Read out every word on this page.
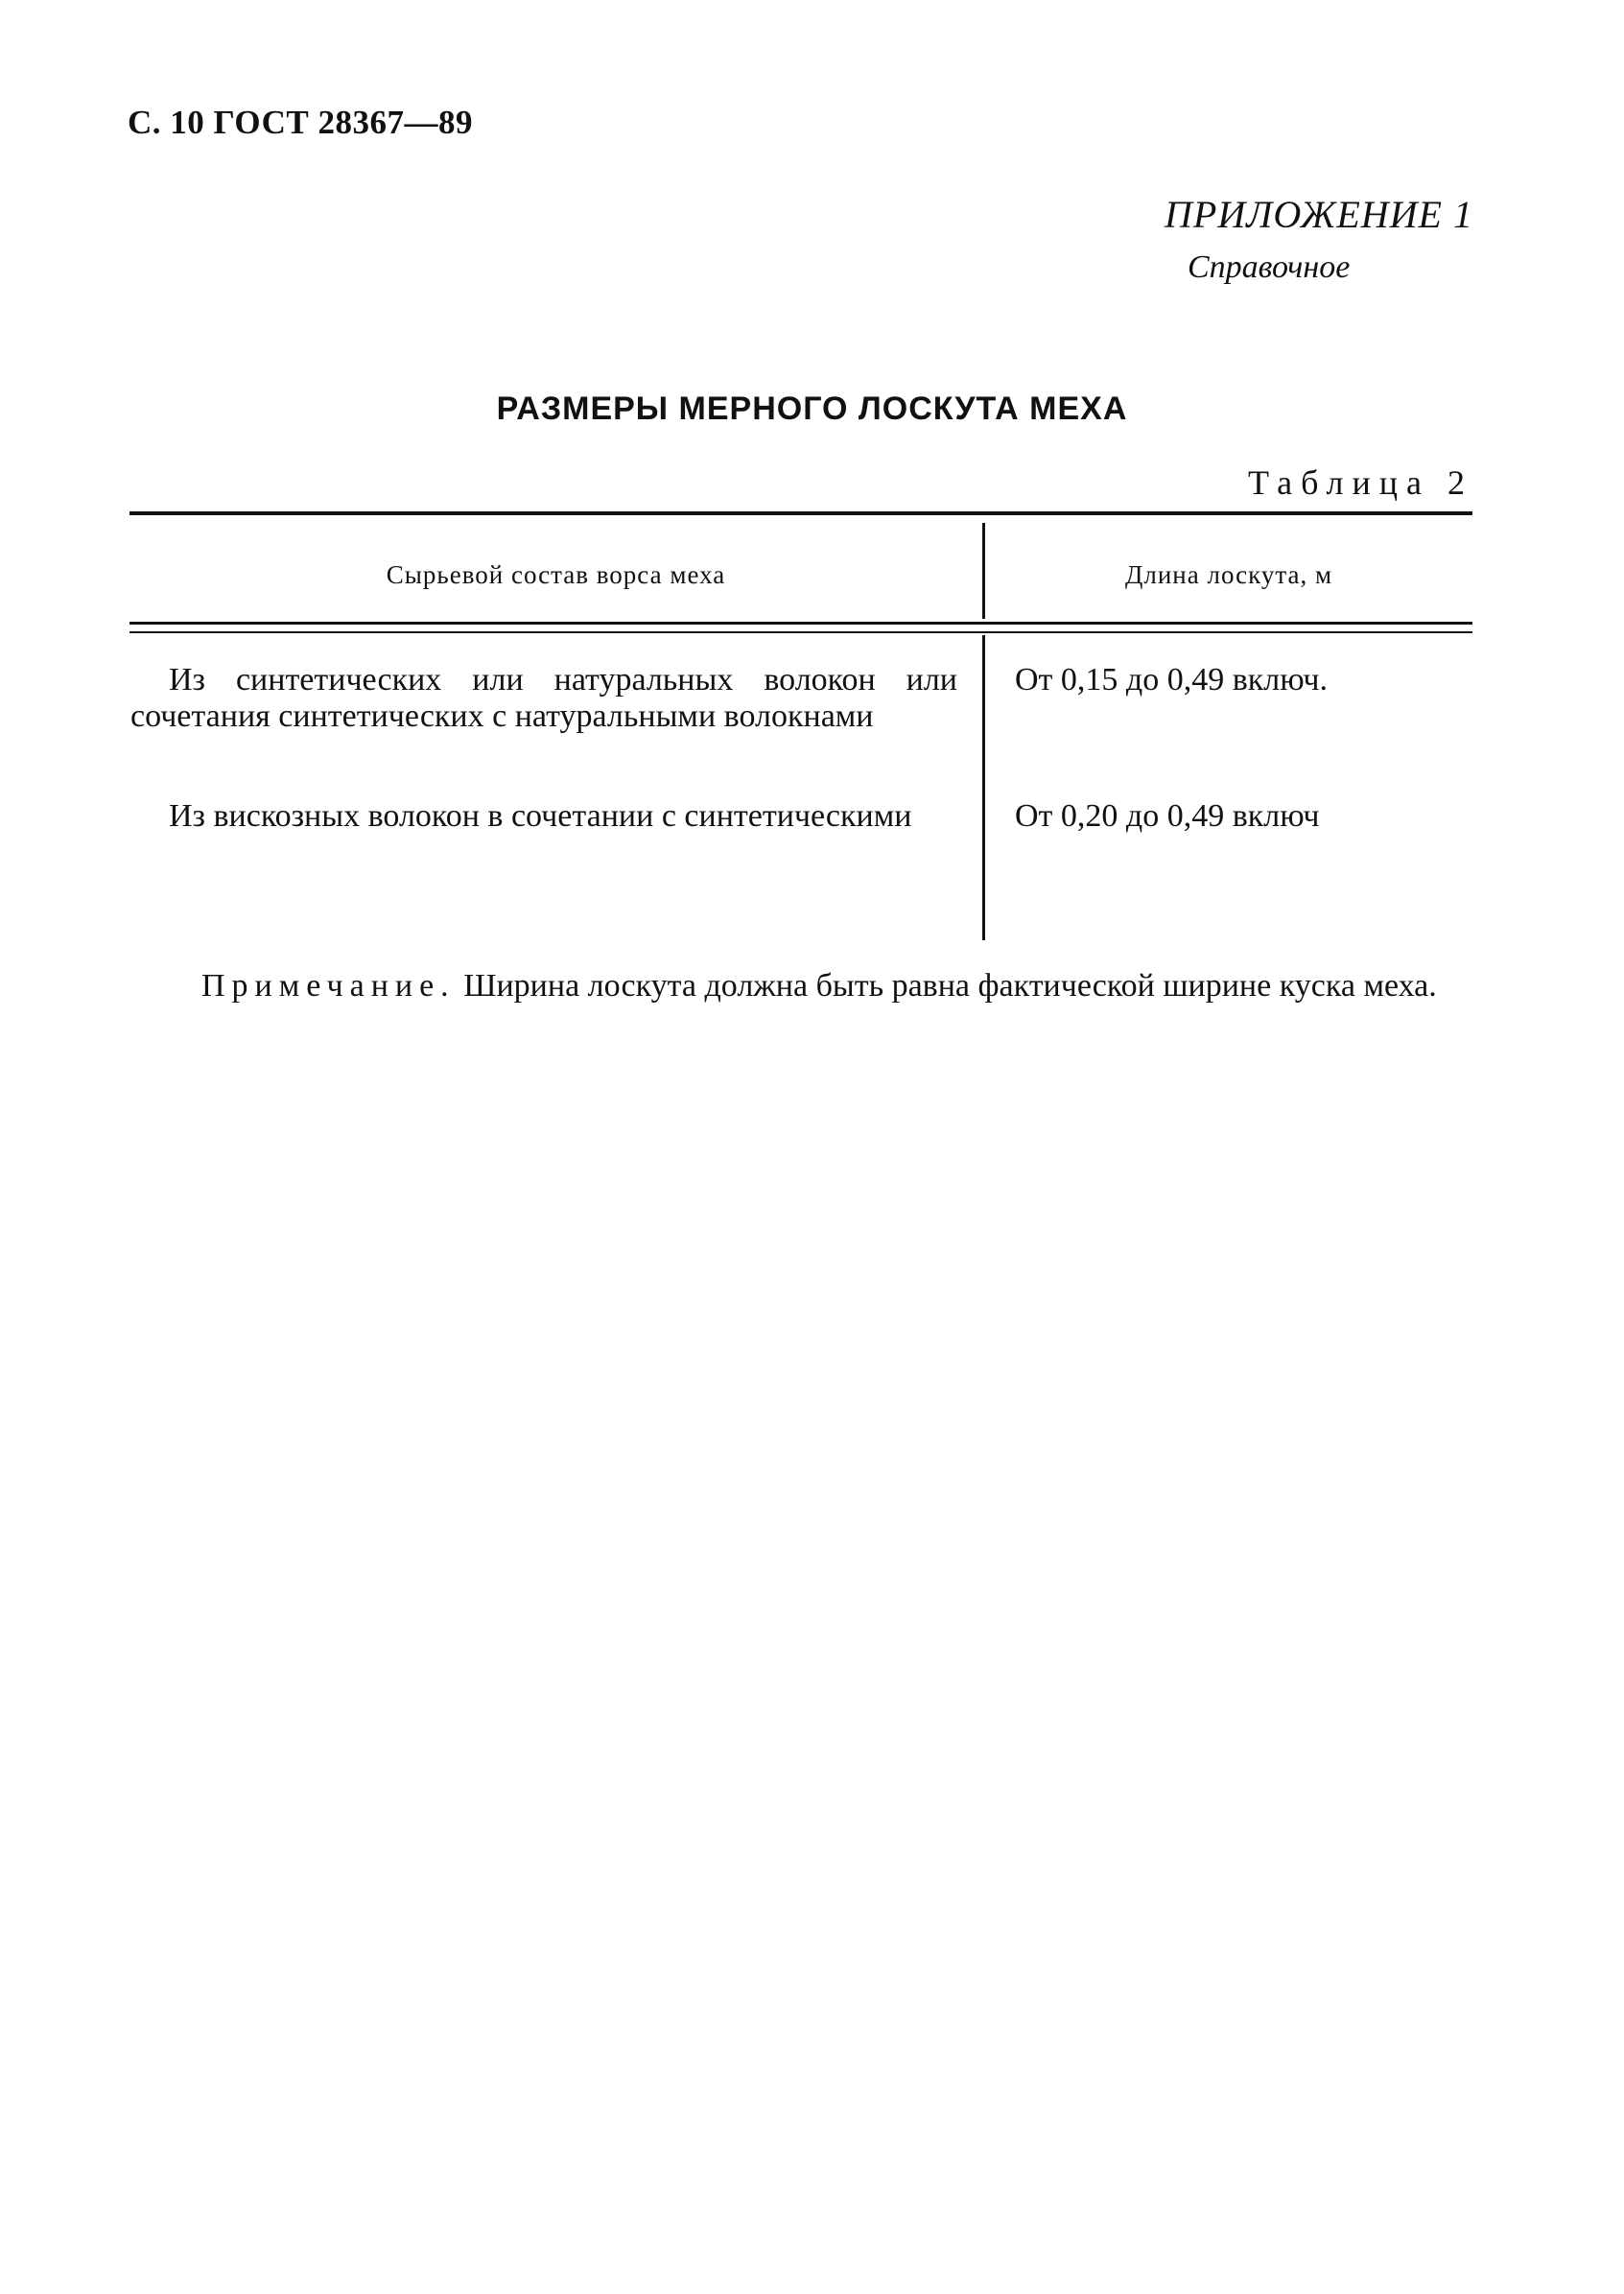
С. 10 ГОСТ 28367—89
ПРИЛОЖЕНИЕ 1
Справочное
РАЗМЕРЫ МЕРНОГО ЛОСКУТА МЕХА
Таблица 2
Сырьевой состав ворса меха	Длина лоскута, м
Из синтетических или натуральных волокон или сочетания синтетических с натуральными волокнами
От 0,15 до 0,49 включ.
Из вискозных волокон в сочетании с синтетическими	От 0,20 до 0,49 включ

Примечание. Ширина лоскута должна быть равна фактической ширине куска меха.
